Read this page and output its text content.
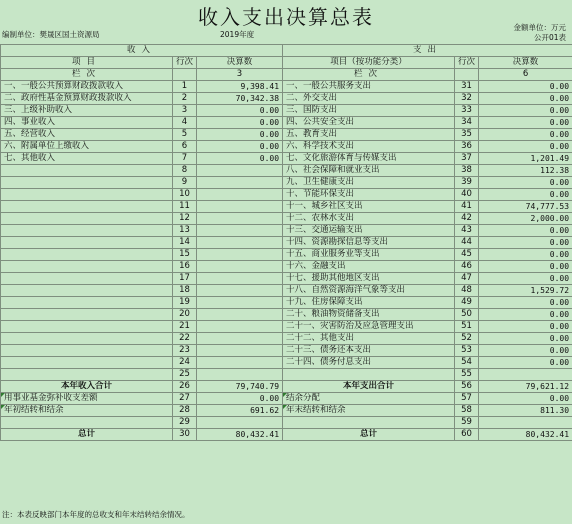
收入支出决算总表	金额单位：万元
编制单位：樊晟区国土资源局	2019年度	公开01表
收入			支出		
项目	行次	决算数	项目（按功能分类）	行次	决算数
栏次		3	栏次		6
一、一般公共预算财政拨款收入	1	9,398.41	一、一般公共服务支出	31	0.00
二、政府性基金预算财政拨款收入	2	70,342.38	二、外交支出	32	0.00
三、上级补助收入	3	0.00	三、国防支出	33	0.00
四、事业收入	4	0.00	四、公共安全支出	34	0.00
五、经营收入	5	0.00	五、教育支出	35	0.00
六、附属单位上缴收入	6	0.00	六、科学技术支出	36	0.00
七、其他收入	7	0.00	七、文化旅游体育与传媒支出	37	1,201.49
	8		八、社会保障和就业支出	38	112.38
	9		九、卫生健康支出	39	0.00
	10		十、节能环保支出	40	0.00
	11		十一、城乡社区支出	41	74,777.53
	12		十二、农林水支出	42	2,000.00
	13		十三、交通运输支出	43	0.00
	14		十四、资源勘探信息等支出	44	0.00
	15		十五、商业服务业等支出	45	0.00
	16		十六、金融支出	46	0.00
	17		十七、援助其他地区支出	47	0.00
	18		十八、自然资源海洋气象等支出	48	1,529.72
	19		十九、住房保障支出	49	0.00
	20		二十、粮油物资储备支出	50	0.00
	21		二十一、灾害防治及应急管理支出	51	0.00
	22		二十二、其他支出	52	0.00
	23		二十三、债务还本支出	53	0.00
	24		二十四、债务付息支出	54	0.00
	25			55	
本年收入合计	26	79,740.79	本年支出合计	56	79,621.12
用事业基金弥补收支差额	27	0.00	结余分配	57	0.00
年初结转和结余	28	691.62	年末结转和结余	58	811.30
	29			59	
总计	30	80,432.41	总计	60	80,432.41
注：本表反映部门本年度的总收支和年末结转结余情况。
